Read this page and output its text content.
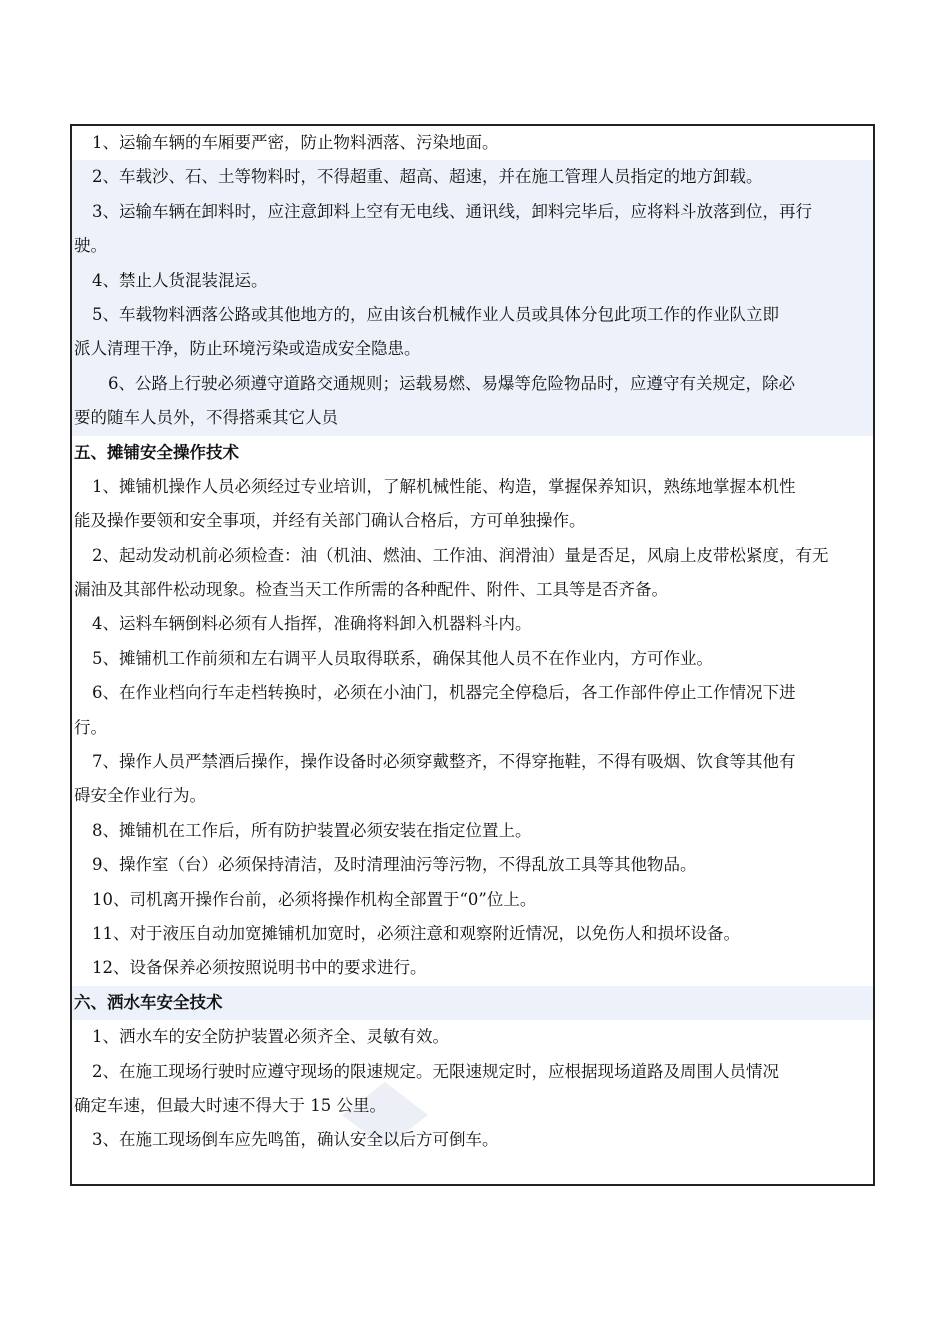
1、运输车辆的车厢要严密，防止物料洒落、污染地面。
2、车载沙、石、土等物料时，不得超重、超高、超速，并在施工管理人员指定的地方卸载。
3、运输车辆在卸料时，应注意卸料上空有无电线、通讯线，卸料完毕后，应将料斗放落到位，再行
驶。
4、禁止人货混装混运。
5、车载物料洒落公路或其他地方的，应由该台机械作业人员或具体分包此项工作的作业队立即
派人清理干净，防止环境污染或造成安全隐患。
6、公路上行驶必须遵守道路交通规则；运载易燃、易爆等危险物品时，应遵守有关规定，除必
要的随车人员外，不得搭乘其它人员
五、摊铺安全操作技术
1、摊铺机操作人员必须经过专业培训，了解机械性能、构造，掌握保养知识，熟练地掌握本机性
能及操作要领和安全事项，并经有关部门确认合格后，方可单独操作。
2、起动发动机前必须检查：油（机油、燃油、工作油、润滑油）量是否足，风扇上皮带松紧度，有无
漏油及其部件松动现象。检查当天工作所需的各种配件、附件、工具等是否齐备。
4、运料车辆倒料必须有人指挥，准确将料卸入机器料斗内。
5、摊铺机工作前须和左右调平人员取得联系，确保其他人员不在作业内，方可作业。
6、在作业档向行车走档转换时，必须在小油门，机器完全停稳后，各工作部件停止工作情况下进
行。
7、操作人员严禁酒后操作，操作设备时必须穿戴整齐，不得穿拖鞋，不得有吸烟、饮食等其他有
碍安全作业行为。
8、摊铺机在工作后，所有防护装置必须安装在指定位置上。
9、操作室（台）必须保持清洁，及时清理油污等污物，不得乱放工具等其他物品。
10、司机离开操作台前，必须将操作机构全部置于“0”位上。
11、对于液压自动加宽摊铺机加宽时，必须注意和观察附近情况，以免伤人和损坏设备。
12、设备保养必须按照说明书中的要求进行。
六、洒水车安全技术
1、洒水车的安全防护装置必须齐全、灵敏有效。
2、在施工现场行驶时应遵守现场的限速规定。无限速规定时，应根据现场道路及周围人员情况
确定车速，但最大时速不得大于 15 公里。
3、在施工现场倒车应先鸣笛，确认安全以后方可倒车。
